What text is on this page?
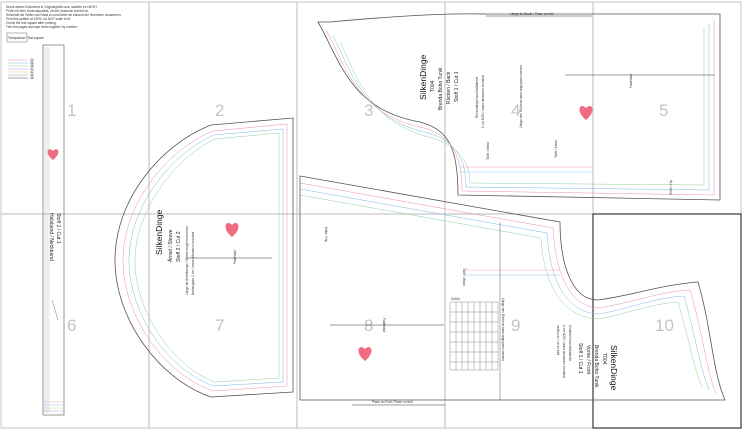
1	2	3	4	5
6	7	8	9	10
Druck dieses Dokument in Originalgröße aus, skaliere es NICHT.
Prüfe mit dem Kontrollquadrat, ob der Ausdruck korrekt ist.
Schneide die Seiten am Rand zu und klebe sie anhand der Nummern zusammen.
Print this pattern at 100%, do NOT scale to fit.
Check the test square after printing.
Trim the pages and tape them together by number.
Testquadrat / Test square
34
36
38
40
42
44
46
Halsband / Neckband Stoff 1 / Cut 1	SilkenDinge Ärmel / Sleeve Stoff 2 / Cut 2 Länge ab Ärmelbeuge / Sleeve length from bend Nahtzugabe 1 cm / seam allowance included	Fadenlauf
SilkenDinge T004 Brenda Boho Tunik Rücken / Back Stoff 1 / Cut 1	Rückenlänge laut Maßtabelle 1 cm NZG / seam allowance included	Länge des Rückens kann angepasst werden
Länge im Bruch / Place on fold
Taille / Waist	Taille / Waist
Hüfte / Hip
Fadenlauf
Größe
SilkenDinge
T004
Brenda Boho Tunik
Vorne / Front
Stoff 1 / Cut 1
Vorderteil laut Maßtabelle
1 cm NZG / seam allowance included
im Bruch / cut on fold
Place on Fold / Place on fold
Hüfte / Hip
Taille / Waist
Fadenlauf	Länge des Rückens kann angepasst werden
